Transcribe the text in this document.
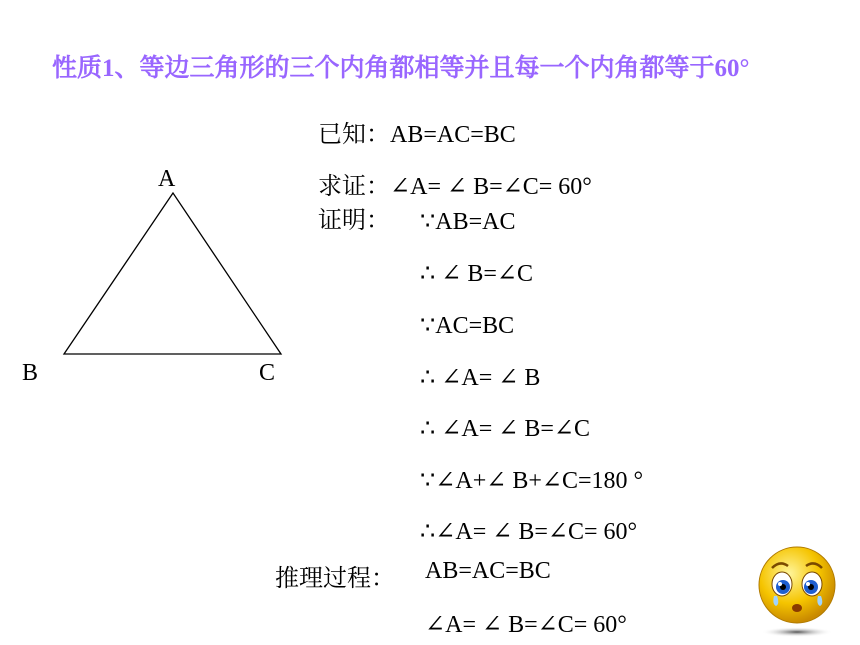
性质1、等边三角形的三个内角都相等并且每一个内角都等于60°
A
B	C
已知：AB=AC=BC
求证：∠A= ∠ B=∠C= 60°
证明： ∵AB=AC
∴ ∠ B=∠C
∵AC=BC
∴ ∠A= ∠ B
∴ ∠A= ∠ B=∠C
∵∠A+∠ B+∠C=180 °
∴∠A= ∠ B=∠C= 60°
推理过程： AB=AC=BC
∠A= ∠ B=∠C= 60°
